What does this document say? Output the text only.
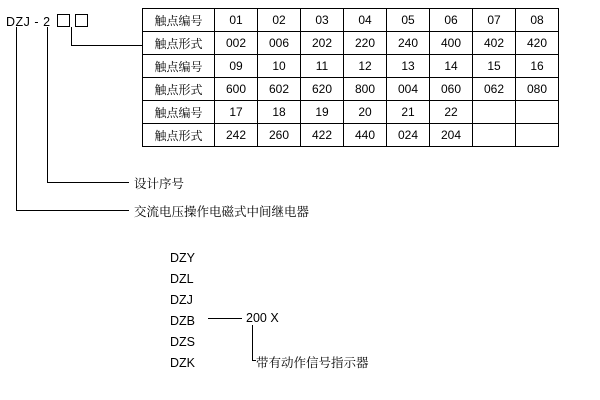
DZJ - 2	触点编号	01	02	03	04	05	06	07	08
触点形式	002	006	202	220	240	400	402	420
触点编号	09	10	11	12	13	14	15	16
触点形式	600	602	620	800	004	060	062	080
触点编号	17	18	19	20	21	22		
触点形式	242	260	422	440	024	204		
设计序号
交流电压操作电磁式中间继电器
DZY
DZL
DZJ
DZB
DZS
DZK
200 X
带有动作信号指示器
